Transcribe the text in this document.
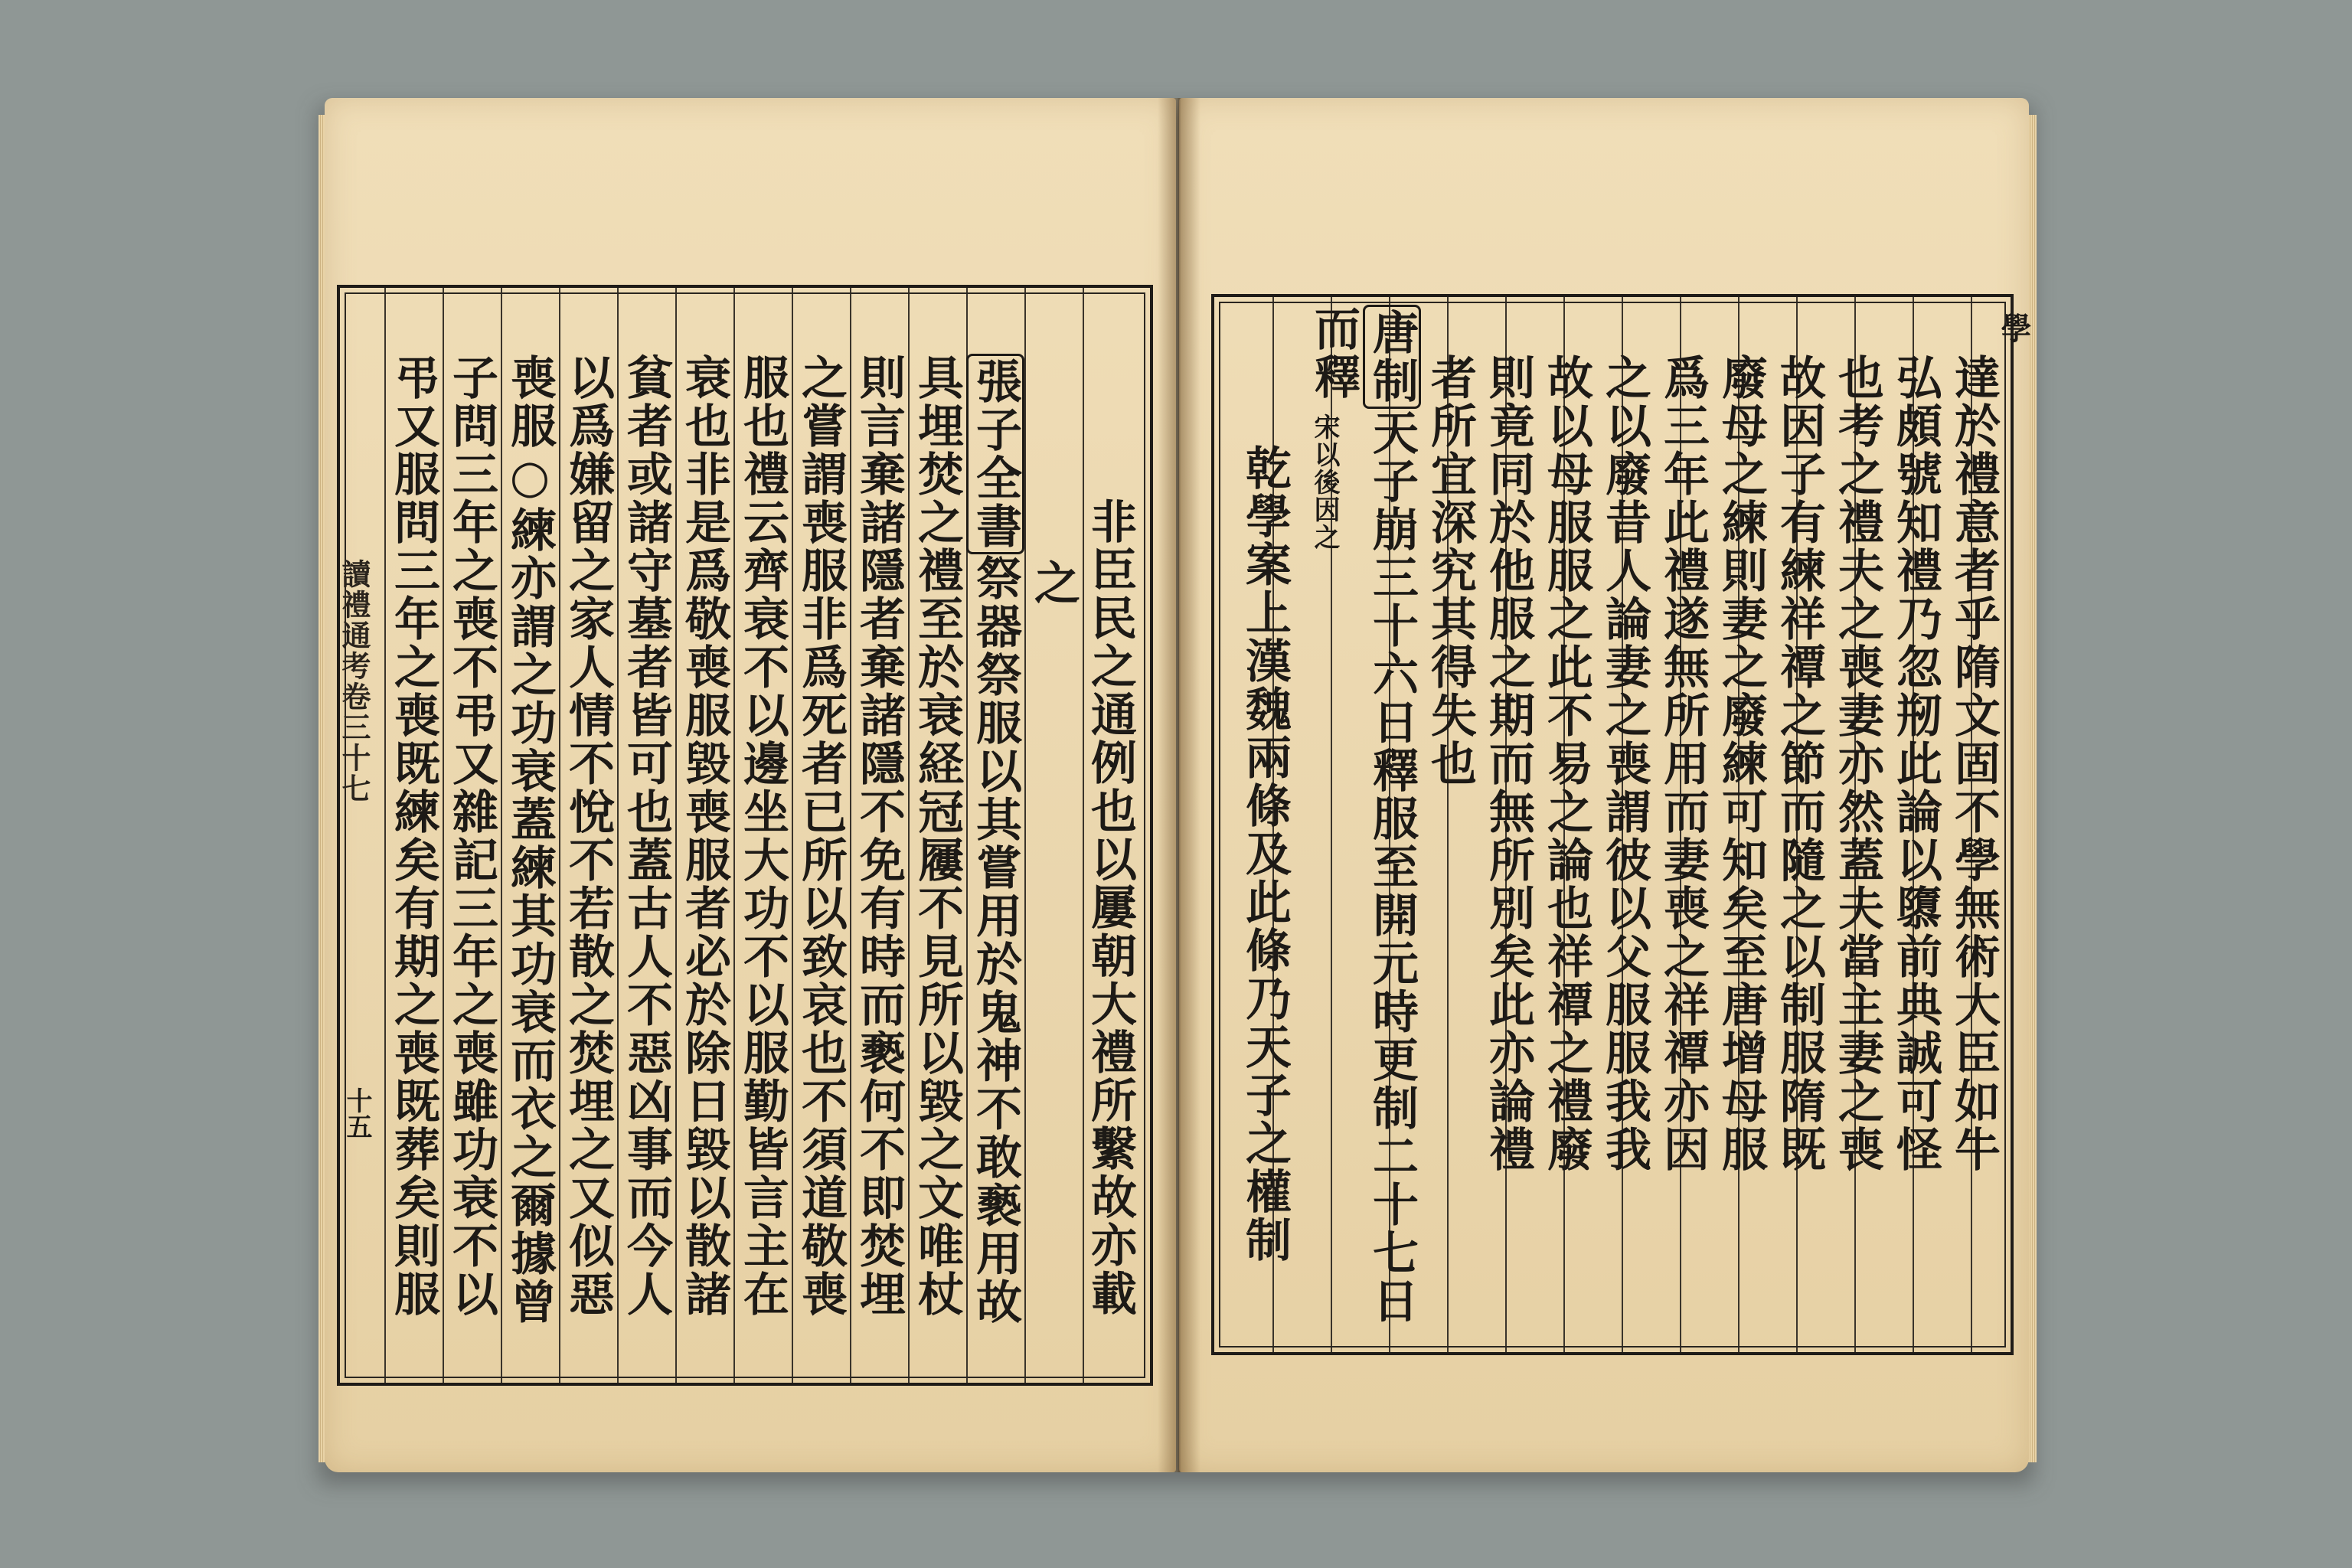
讀禮通考卷三十七
十五	非臣民之通例也以屢朝大禮所繫故亦載
之
張子全書祭器祭服以其嘗用於鬼神不敢褻用故
具埋焚之禮至於衰経冠屨不見所以毀之文唯杖
則言棄諸隱者棄諸隱不免有時而褻何不即焚埋
之嘗謂喪服非爲死者已所以致哀也不須道敬喪
服也禮云齊衰不以邊坐大功不以服勤皆言主在
衰也非是爲敬喪服毀喪服者必於除日毀以散諸
貧者或諸守墓者皆可也蓋古人不惡凶事而今人
以爲嫌留之家人情不悅不若散之焚埋之又似惡
喪服○練亦謂之功衰蓋練其功衰而衣之爾據曾
子問三年之喪不弔又雜記三年之喪雖功衰不以
弔又服問三年之喪既練矣有期之喪既葬矣則服	達於禮意者乎隋文固不學無術大臣如牛
弘頗號知禮乃忽剏此論以隳前典誠可怪
也考之禮夫之喪妻亦然蓋夫當主妻之喪
故因子有練祥禫之節而隨之以制服隋既
廢母之練則妻之廢練可知矣至唐增母服
爲三年此禮遂無所用而妻喪之祥禫亦因
之以廢昔人論妻之喪謂彼以父服服我我
故以母服服之此不易之論也祥禫之禮廢
則竟同於他服之期而無所別矣此亦論禮
者所宜深究其得失也
唐制天子崩三十六日釋服至開元時更制二十七日
而釋
宋以後因之
乾學案上漢魏兩條及此條乃天子之權制
學
